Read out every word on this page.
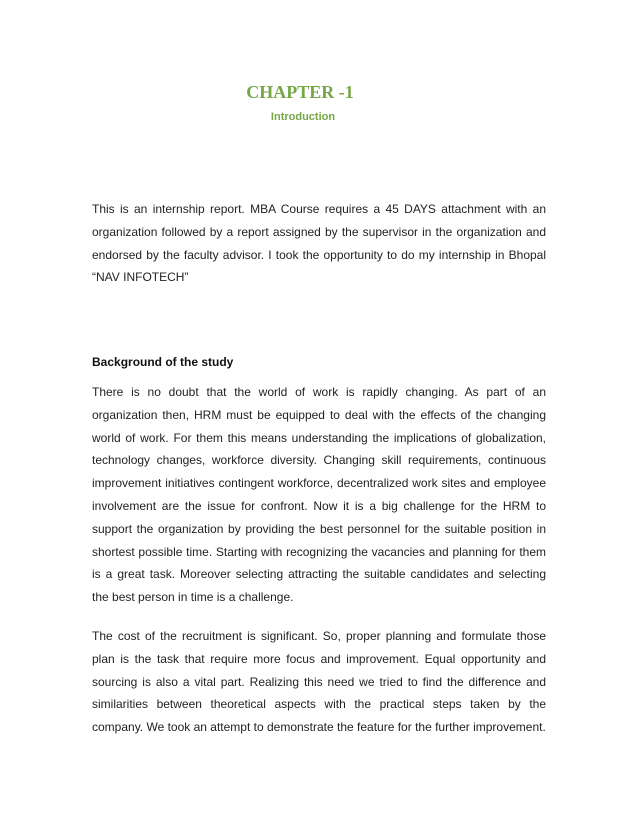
CHAPTER -1
Introduction

This is an internship report. MBA Course requires a 45 DAYS attachment with an organization followed by a report assigned by the supervisor in the organization and endorsed by the faculty advisor. I took the opportunity to do my internship in Bhopal “NAV INFOTECH”

Background of the study

There is no doubt that the world of work is rapidly changing. As part of an organization then, HRM must be equipped to deal with the effects of the changing world of work. For them this means understanding the implications of globalization, technology changes, workforce diversity. Changing skill requirements, continuous improvement initiatives contingent workforce, decentralized work sites and employee involvement are the issue for confront. Now it is a big challenge for the HRM to support the organization by providing the best personnel for the suitable position in shortest possible time. Starting with recognizing the vacancies and planning for them is a great task. Moreover selecting attracting the suitable candidates and selecting the best person in time is a challenge.

The cost of the recruitment is significant. So, proper planning and formulate those plan is the task that require more focus and improvement. Equal opportunity and sourcing is also a vital part. Realizing this need we tried to find the difference and similarities between theoretical aspects with the practical steps taken by the company. We took an attempt to demonstrate the feature for the further improvement.
